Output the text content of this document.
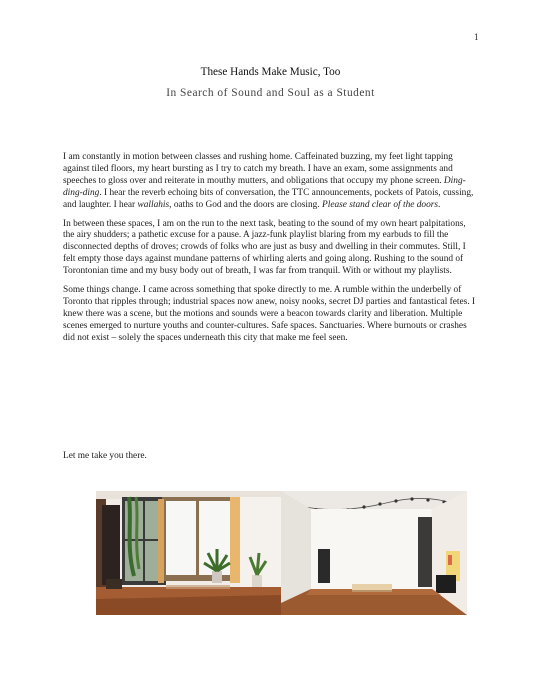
1
These Hands Make Music, Too
In Search of Sound and Soul as a Student

I am constantly in motion between classes and rushing home. Caffeinated buzzing, my feet light tapping against tiled floors, my heart bursting as I try to catch my breath. I have an exam, some assignments and speeches to gloss over and reiterate in mouthy mutters, and obligations that occupy my phone screen. Ding-ding-ding. I hear the reverb echoing bits of conversation, the TTC announcements, pockets of Patois, cussing, and laughter. I hear wallahis, oaths to God and the doors are closing. Please stand clear of the doors.

In between these spaces, I am on the run to the next task, beating to the sound of my own heart palpitations, the airy shudders; a pathetic excuse for a pause. A jazz-funk playlist blaring from my earbuds to fill the disconnected depths of droves; crowds of folks who are just as busy and dwelling in their commutes. Still, I felt empty those days against mundane patterns of whirling alerts and going along. Rushing to the sound of Torontonian time and my busy body out of breath, I was far from tranquil. With or without my playlists.

Some things change. I came across something that spoke directly to me. A rumble within the underbelly of Toronto that ripples through; industrial spaces now anew, noisy nooks, secret DJ parties and fantastical fetes. I knew there was a scene, but the motions and sounds were a beacon towards clarity and liberation. Multiple scenes emerged to nurture youths and counter-cultures. Safe spaces. Sanctuaries. Where burnouts or crashes did not exist – solely the spaces underneath this city that make me feel seen.

Let me take you there.
